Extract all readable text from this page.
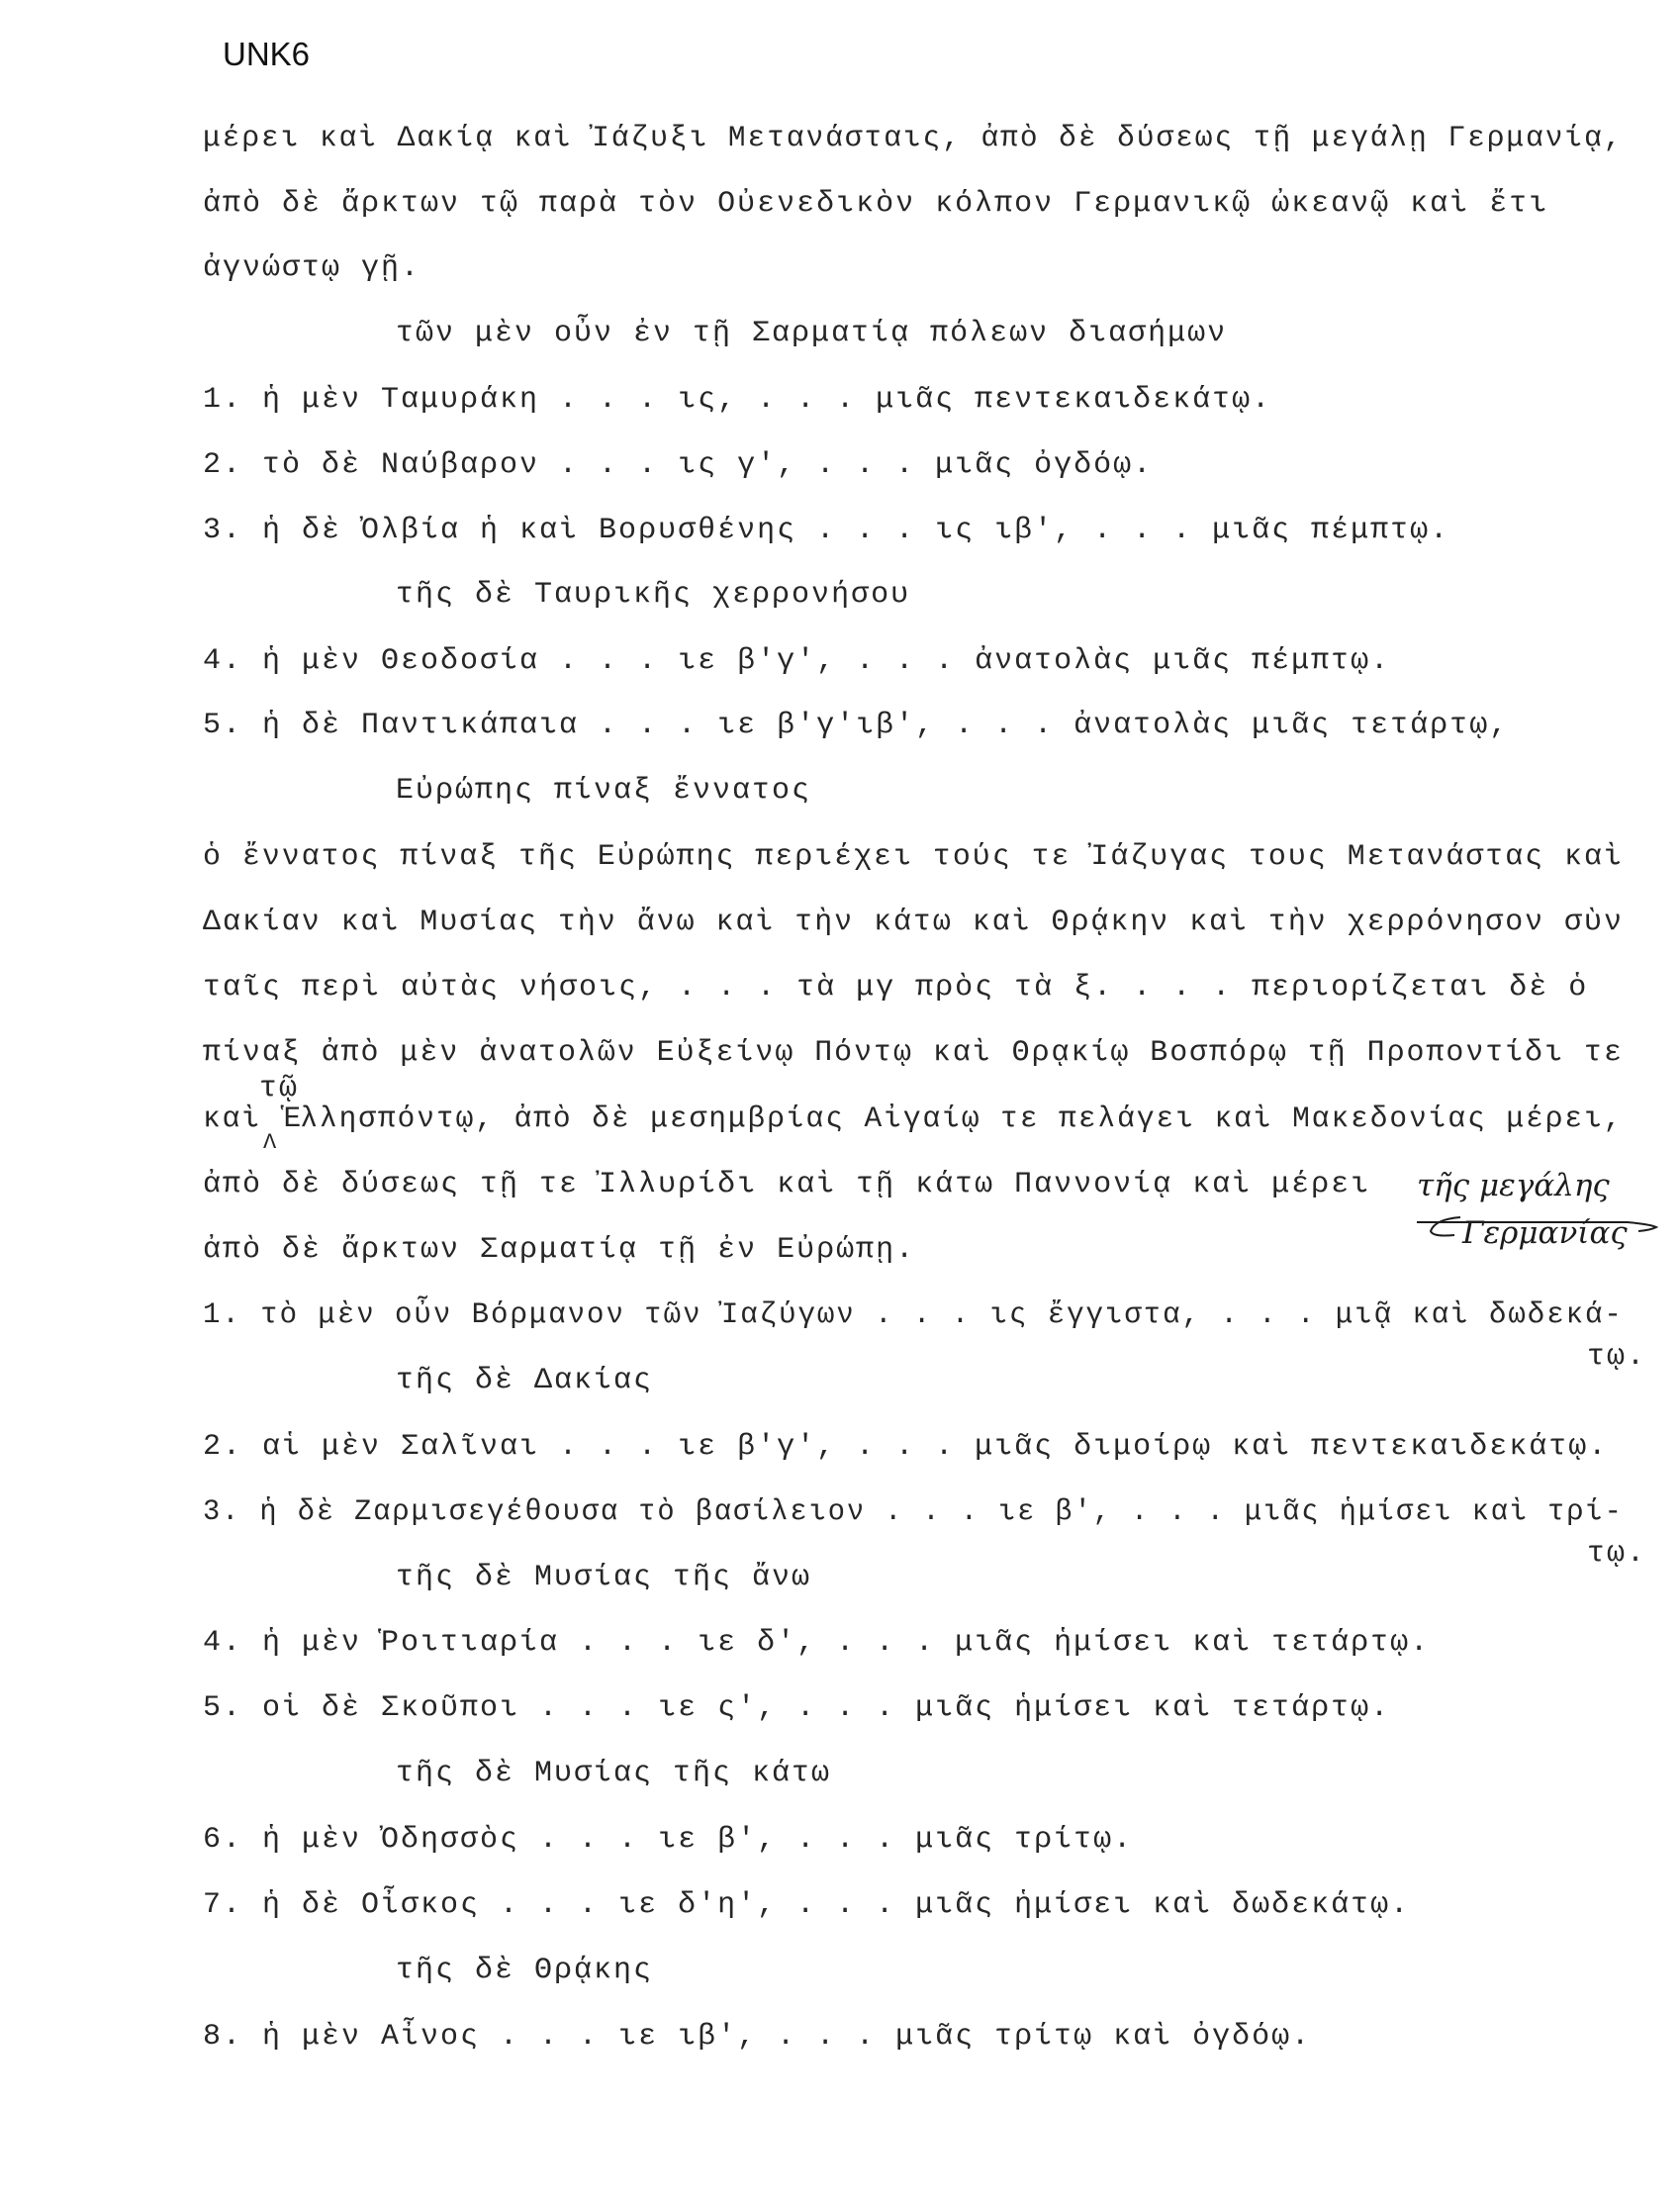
UNK6
μέρει καὶ Δακίᾳ καὶ Ἰάζυξι Μετανάσταις, ἀπὸ δὲ δύσεως τῇ μεγάλῃ Γερμανίᾳ,
ἀπὸ δὲ ἄρκτων τῷ παρὰ τὸν Οὐενεδικὸν κόλπον Γερμανικῷ ὠκεανῷ καὶ ἔτι
ἀγνώστῳ γῇ.
τῶν μὲν οὖν ἐν τῇ Σαρματίᾳ πόλεων διασήμων
1. ἡ μὲν Ταμυράκη . . . ις, . . . μιᾶς πεντεκαιδεκάτῳ.
2. τὸ δὲ Ναύβαρον . . . ις γ', . . . μιᾶς ὀγδόῳ.
3. ἡ δὲ Ὀλβία ἡ καὶ Βορυσθένης . . . ις ιβ', . . . μιᾶς πέμπτῳ.
τῆς δὲ Ταυρικῆς χερρονήσου
4. ἡ μὲν Θεοδοσία . . . ιε β'γ', . . . ἀνατολὰς μιᾶς πέμπτῳ.
5. ἡ δὲ Παντικάπαια . . . ιε β'γ'ιβ', . . . ἀνατολὰς μιᾶς τετάρτῳ,
Εὐρώπης πίναξ ἔννατος
ὁ ἔννατος πίναξ τῆς Εὐρώπης περιέχει τούς τε Ἰάζυγας τους Μετανάστας καὶ
Δακίαν καὶ Μυσίας τὴν ἄνω καὶ τὴν κάτω καὶ Θρᾴκην καὶ τὴν χερρόνησον σὺν
ταῖς περὶ αὐτὰς νήσοις, . . . τὰ μγ πρὸς τὰ ξ. . . . περιορίζεται δὲ ὁ
πίναξ ἀπὸ μὲν ἀνατολῶν Εὐξείνῳ Πόντῳ καὶ Θρᾳκίῳ Βοσπόρῳ τῇ Προποντίδι τε
τῷ
Λ
καὶ Ἑλλησπόντῳ, ἀπὸ δὲ μεσημβρίας Αἰγαίῳ τε πελάγει καὶ Μακεδονίας μέρει,
ἀπὸ δὲ δύσεως τῇ τε Ἰλλυρίδι καὶ τῇ κάτω Παννονίᾳ καὶ μέρει τῆς μεγάλης
Γερμανίας
ἀπὸ δὲ ἄρκτων Σαρματίᾳ τῇ ἐν Εὐρώπῃ.
1. τὸ μὲν οὖν Βόρμανον τῶν Ἰαζύγων . . . ις ἔγγιστα, . . . μιᾷ καὶ δωδεκά-
τῳ.
τῆς δὲ Δακίας
2. αἱ μὲν Σαλῖναι . . . ιε β'γ', . . . μιᾶς διμοίρῳ καὶ πεντεκαιδεκάτῳ.
3. ἡ δὲ Ζαρμισεγέθουσα τὸ βασίλειον . . . ιε β', . . . μιᾶς ἡμίσει καὶ τρί-
τῳ.
τῆς δὲ Μυσίας τῆς ἄνω
4. ἡ μὲν Ῥοιτιαρία . . . ιε δ', . . . μιᾶς ἡμίσει καὶ τετάρτῳ.
5. οἱ δὲ Σκοῦποι . . . ιε ς', . . . μιᾶς ἡμίσει καὶ τετάρτῳ.
τῆς δὲ Μυσίας τῆς κάτω
6. ἡ μὲν Ὀδησσὸς . . . ιε β', . . . μιᾶς τρίτῳ.
7. ἡ δὲ Οἶσκος . . . ιε δ'η', . . . μιᾶς ἡμίσει καὶ δωδεκάτῳ.
τῆς δὲ Θρᾴκης
8. ἡ μὲν Αἶνος . . . ιε ιβ', . . . μιᾶς τρίτῳ καὶ ὀγδόῳ.
